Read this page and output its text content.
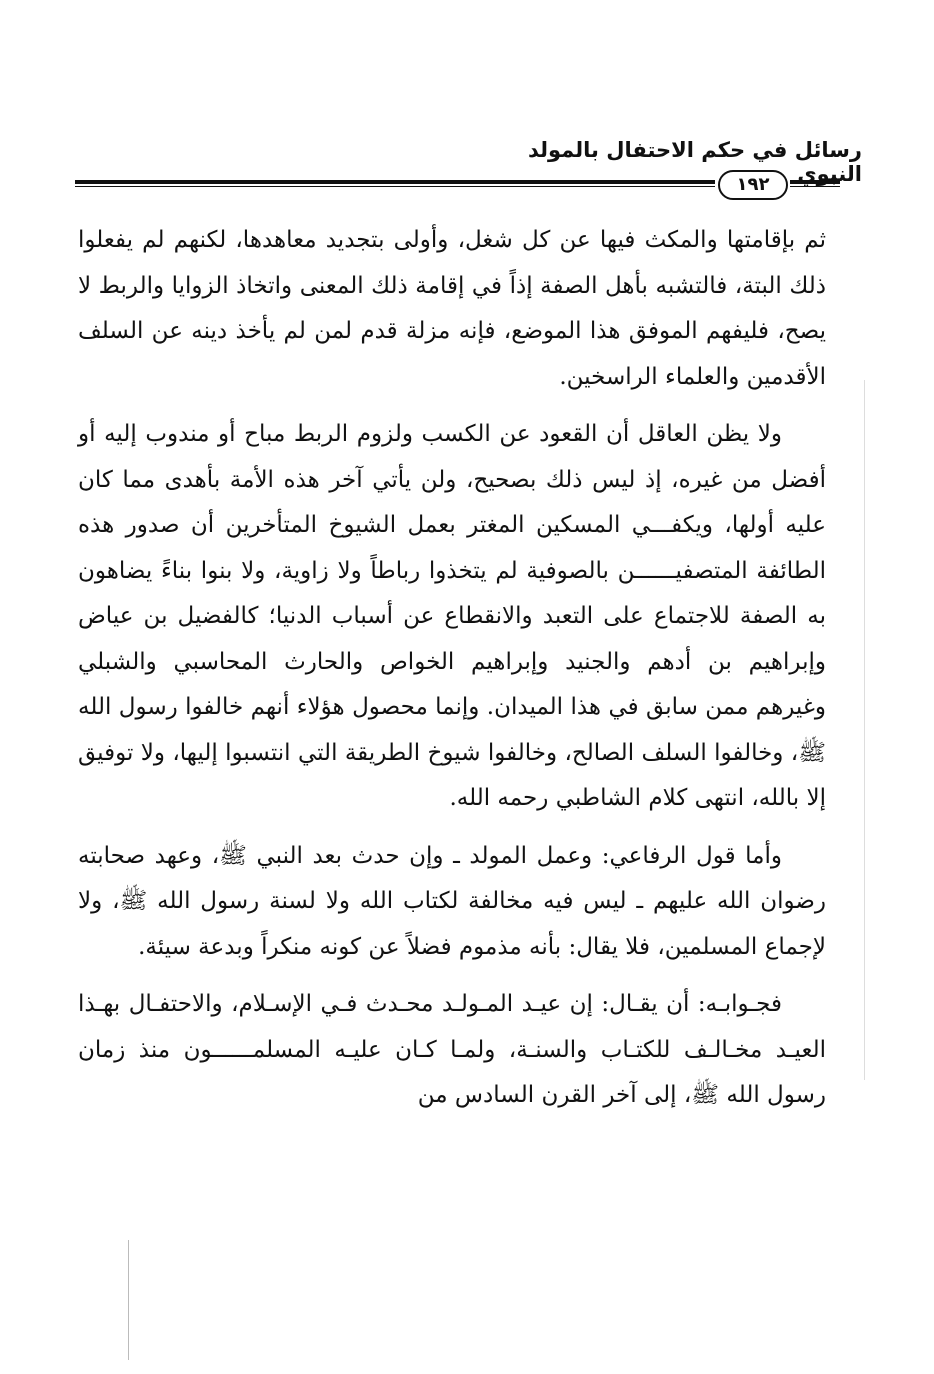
رسائل في حكم الاحتفال بالمولد النبوي
١٩٢

ثم بإقامتها والمكث فيها عن كل شغل، وأولى بتجديد معاهدها، لكنهم لم يفعلوا ذلك البتة، فالتشبه بأهل الصفة إذاً في إقامة ذلك المعنى واتخاذ الزوايا والربط لا يصح، فليفهم الموفق هذا الموضع، فإنه مزلة قدم لمن لم يأخذ دينه عن السلف الأقدمين والعلماء الراسخين.

ولا يظن العاقل أن القعود عن الكسب ولزوم الربط مباح أو مندوب إليه أو أفضل من غيره، إذ ليس ذلك بصحيح، ولن يأتي آخر هذه الأمة بأهدى مما كان عليه أولها، ويكفـــي المسكين المغتر بعمل الشيوخ المتأخرين أن صدور هذه الطائفة المتصفيــــــن بالصوفية لم يتخذوا رباطاً ولا زاوية، ولا بنوا بناءً يضاهون به الصفة للاجتماع على التعبد والانقطاع عن أسباب الدنيا؛ كالفضيل بن عياض وإبراهيم بن أدهم والجنيد وإبراهيم الخواص والحارث المحاسبي والشبلي وغيرهم ممن سابق في هذا الميدان. وإنما محصول هؤلاء أنهم خالفوا رسول الله ﷺ، وخالفوا السلف الصالح، وخالفوا شيوخ الطريقة التي انتسبوا إليها، ولا توفيق إلا بالله، انتهى كلام الشاطبي رحمه الله.

وأما قول الرفاعي: وعمل المولد ـ وإن حدث بعد النبي ﷺ، وعهد صحابته رضوان الله عليهم ـ ليس فيه مخالفة لكتاب الله ولا لسنة رسول الله ﷺ، ولا لإجماع المسلمين، فلا يقال: بأنه مذموم فضلاً عن كونه منكراً وبدعة سيئة.

فجـوابـه: أن يقـال: إن عيـد المـولـد محـدث فـي الإسـلام، والاحتفـال بهـذا العيـد مخـالـف للكتـاب والسنـة، ولمـا كـان عليـه المسلمــــــون منذ زمان رسول الله ﷺ، إلى آخر القرن السادس من
